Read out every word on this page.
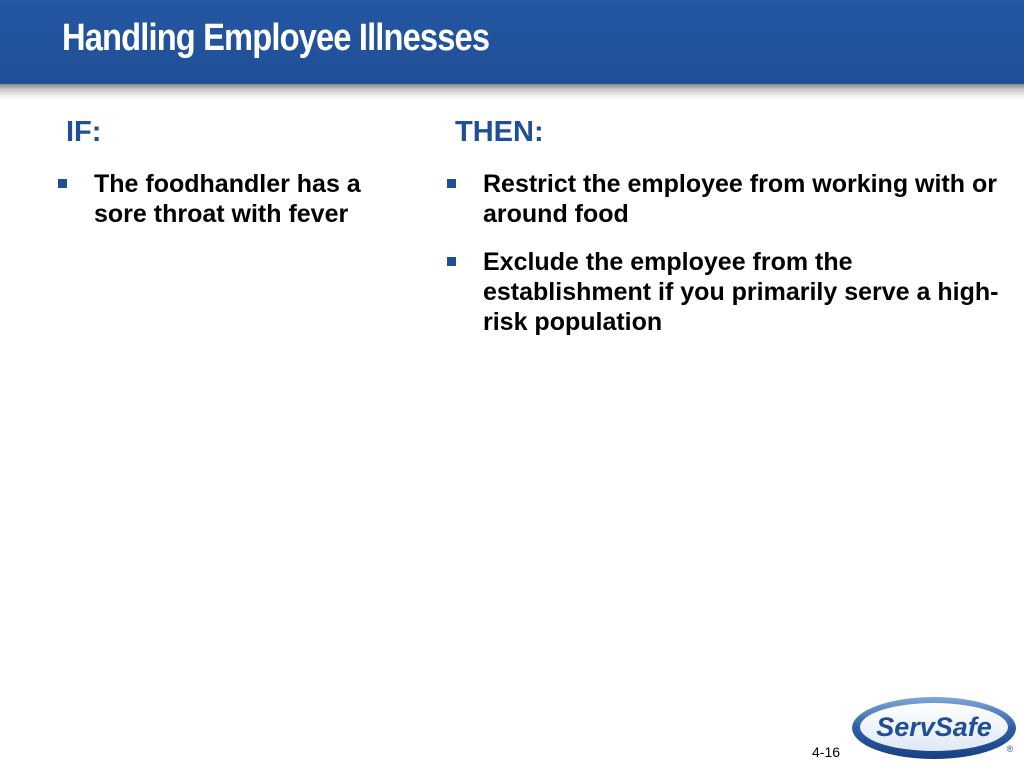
Handling Employee Illnesses
IF:	THEN:
The foodhandler has a sore throat with fever
Restrict the employee from working with or around food
Exclude the employee from the establishment if you primarily serve a high-risk population
4-16
ServSafe
®
